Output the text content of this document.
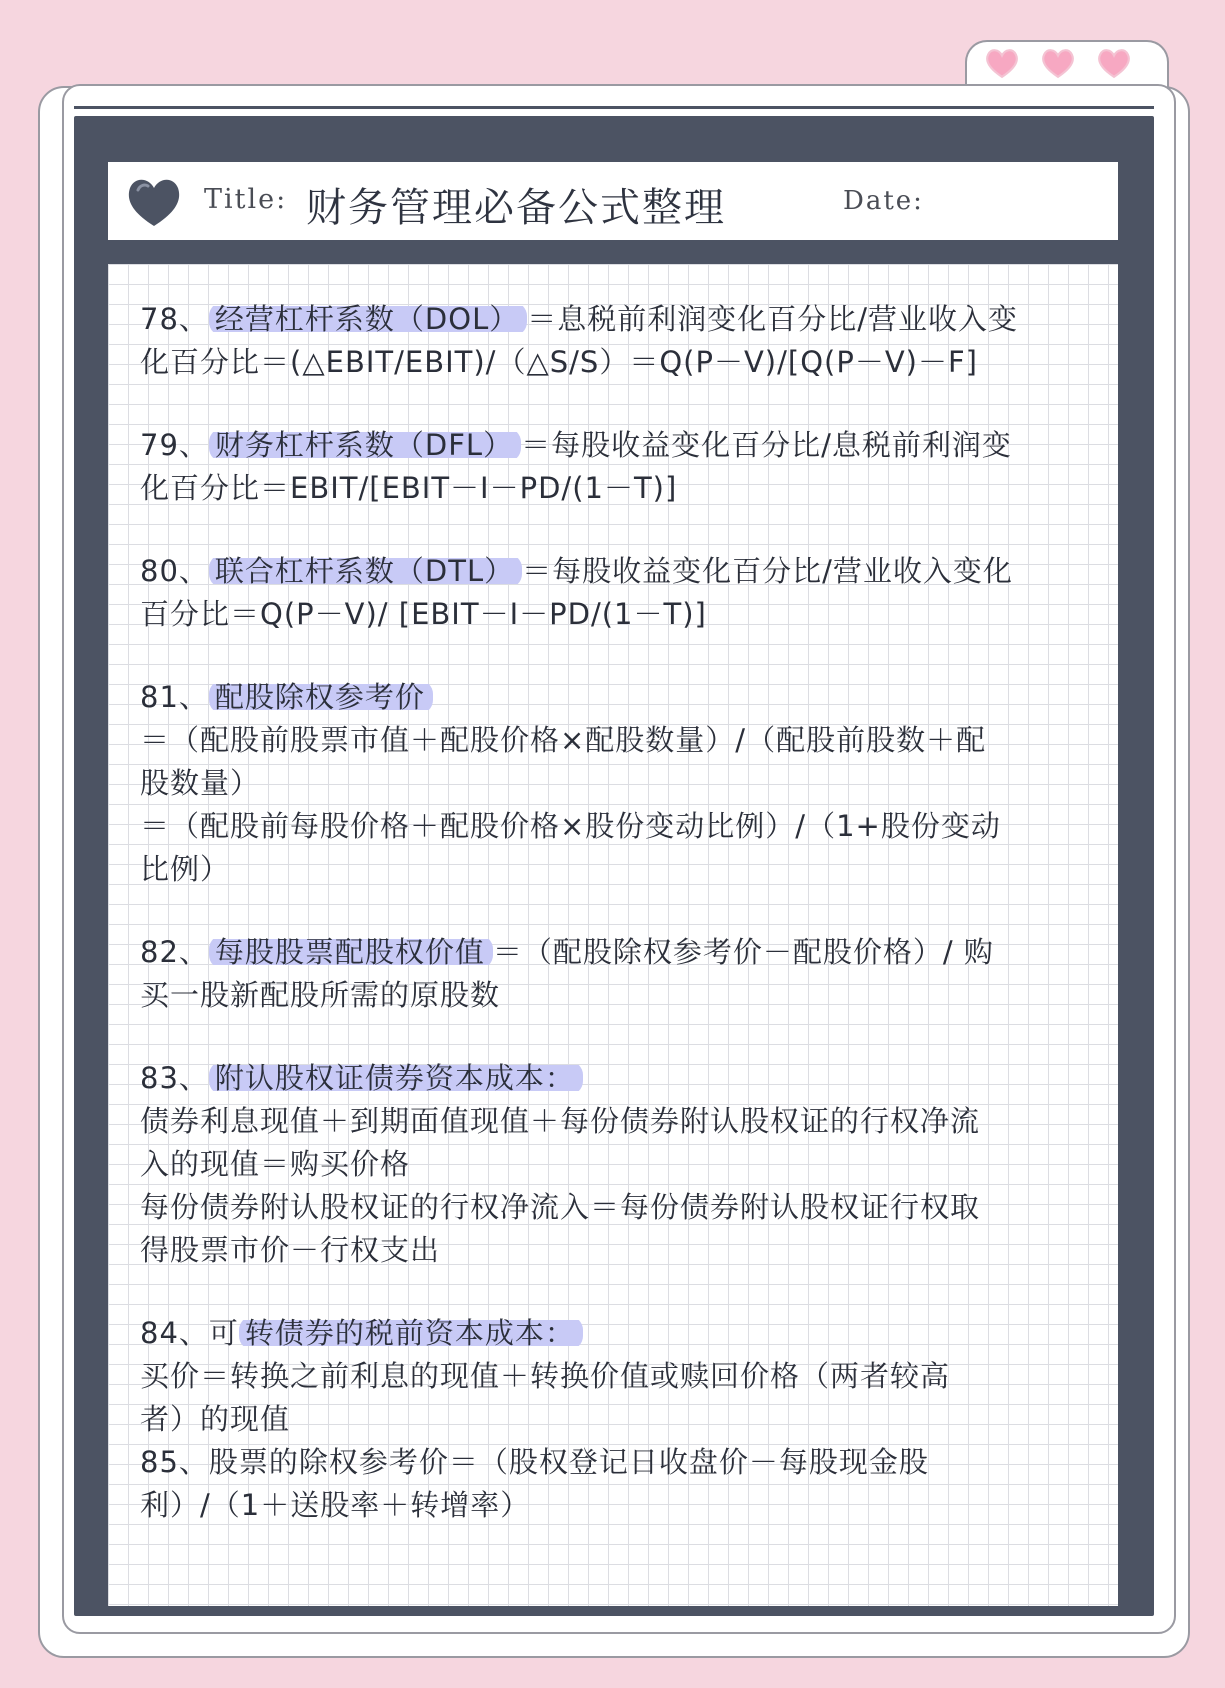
Title: 财务管理必备公式整理	Date:
78、 经营杠杆系数（DOL） ＝息税前利润变化百分比/营业收入变
化百分比＝(△EBIT/EBIT)/（△S/S）＝Q(P－V)/[Q(P－V)－F]
79、 财务杠杆系数（DFL） ＝每股收益变化百分比/息税前利润变
化百分比＝EBIT/[EBIT－I－PD/(1－T)]
80、 联合杠杆系数（DTL） ＝每股收益变化百分比/营业收入变化
百分比＝Q(P－V)/ [EBIT－I－PD/(1－T)]
81、 配股除权参考价
＝（配股前股票市值＋配股价格×配股数量）/（配股前股数＋配
股数量）
＝（配股前每股价格＋配股价格×股份变动比例）/（1+股份变动
比例）
82、 每股股票配股权价值 ＝（配股除权参考价－配股价格）/ 购
买一股新配股所需的原股数
83、 附认股权证债券资本成本：
债券利息现值＋到期面值现值＋每份债券附认股权证的行权净流
入的现值＝购买价格
每份债券附认股权证的行权净流入＝每份债券附认股权证行权取
得股票市价－行权支出
84、可 转债券的税前资本成本：
买价＝转换之前利息的现值＋转换价值或赎回价格（两者较高
者）的现值
85、股票的除权参考价＝（股权登记日收盘价－每股现金股
利）/（1＋送股率＋转增率）
